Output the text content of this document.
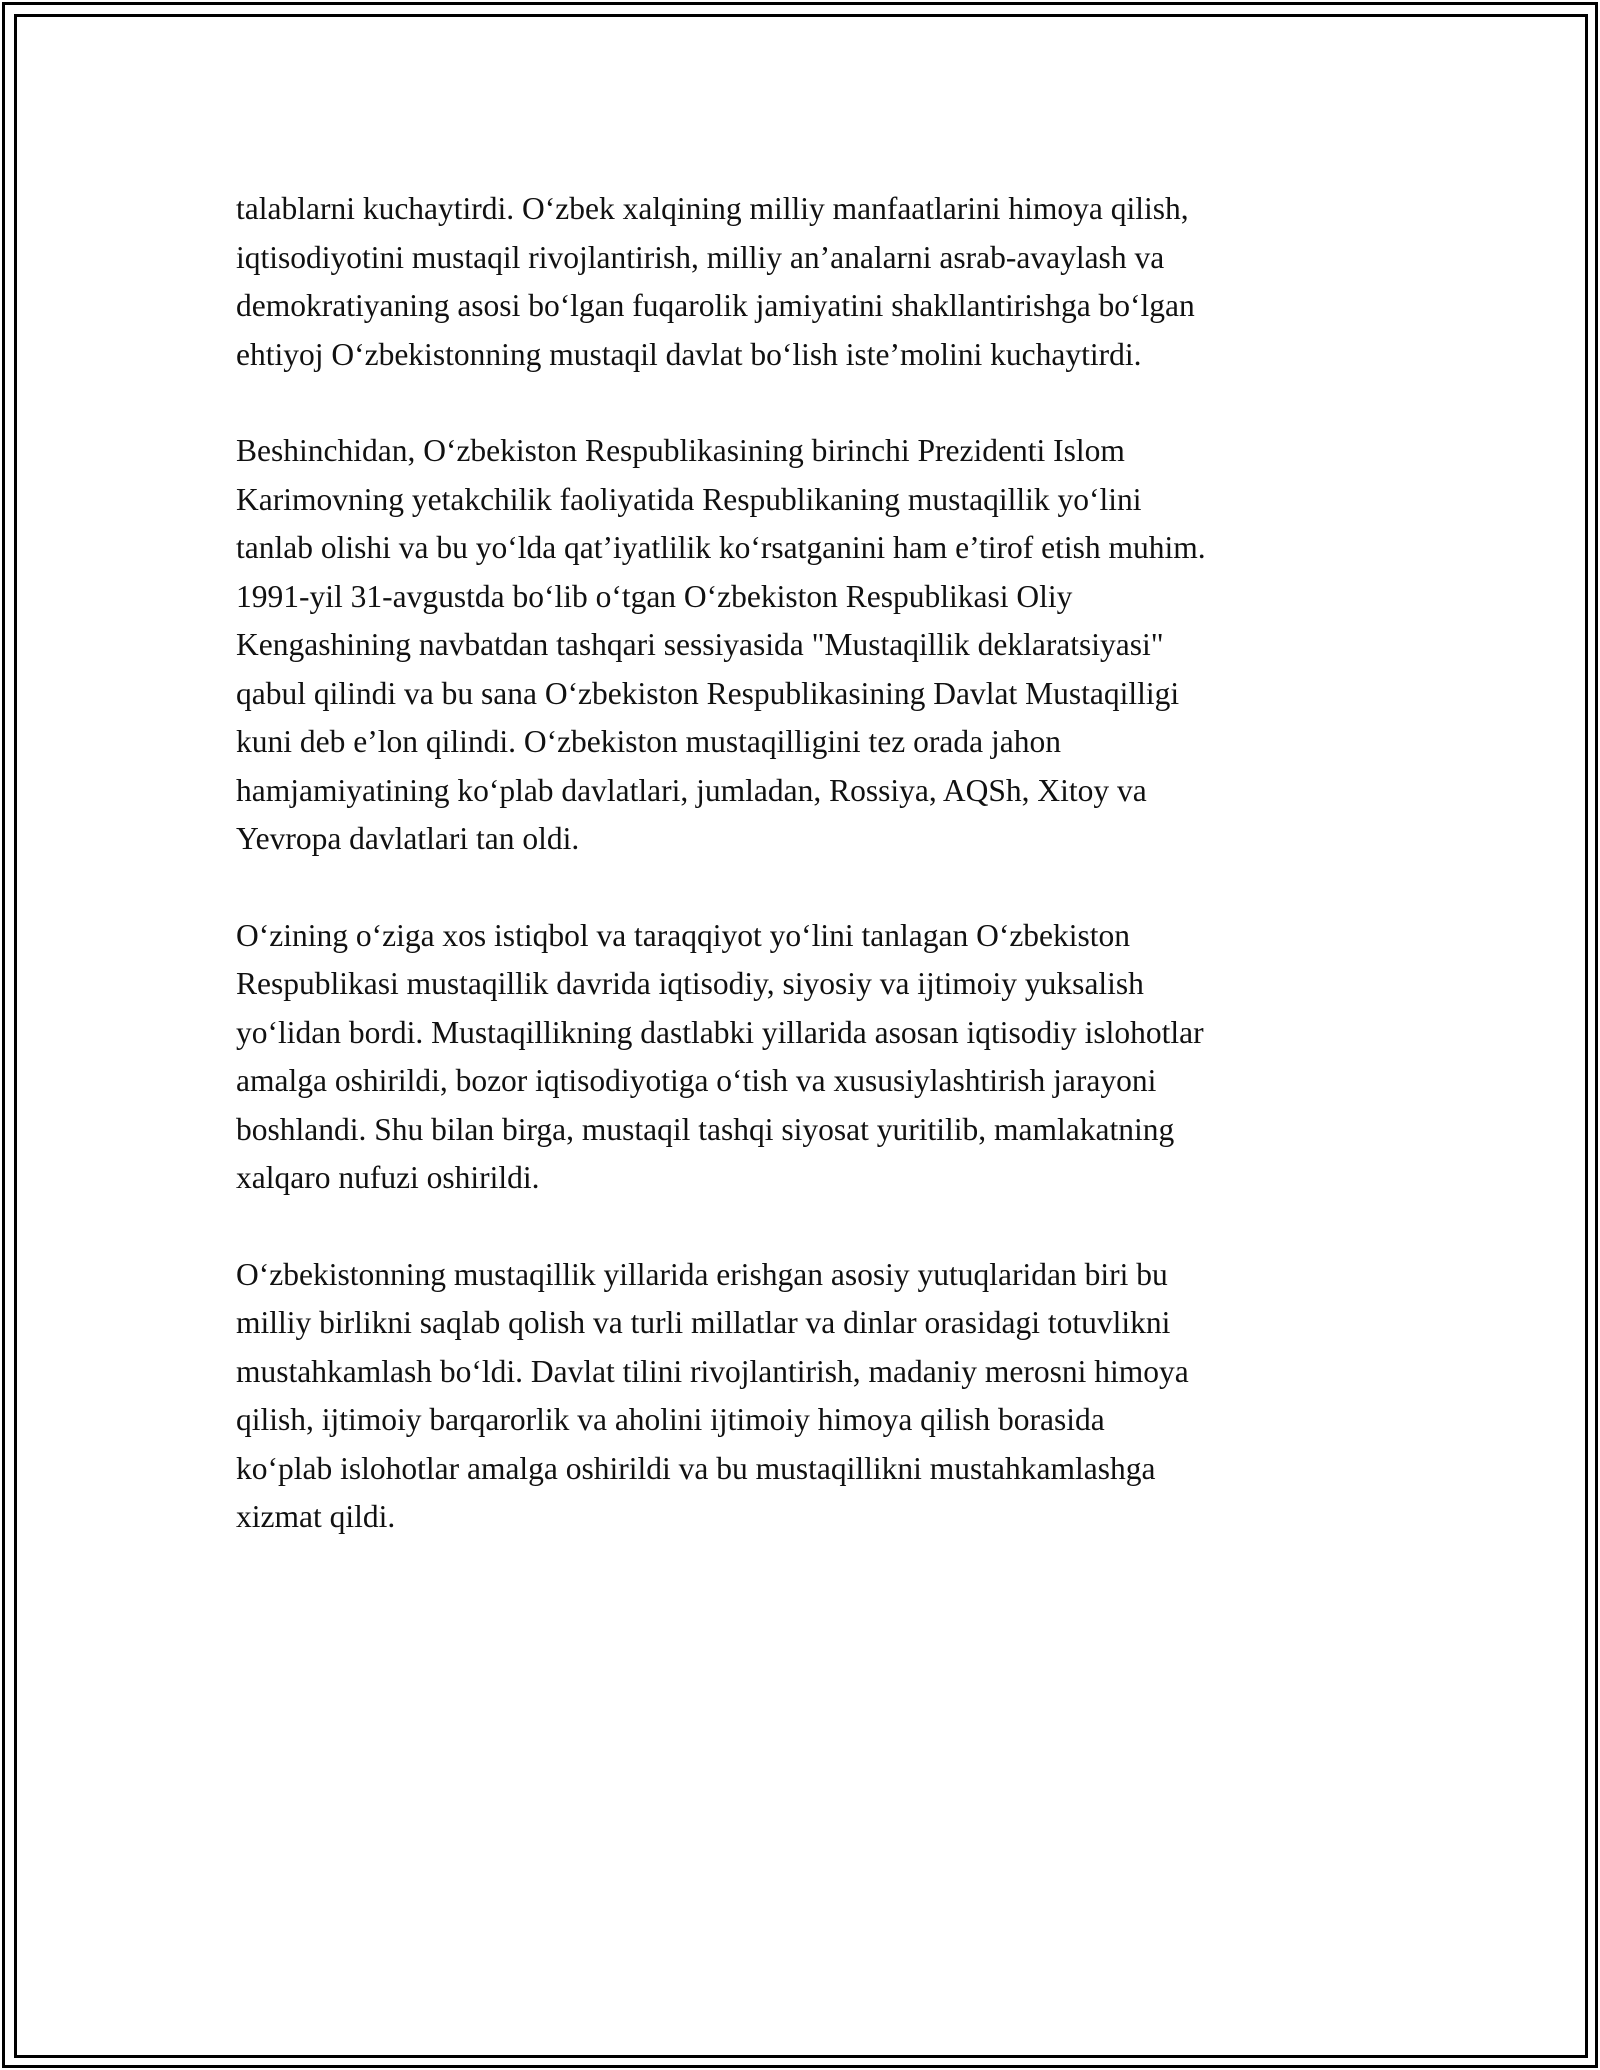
talablarni kuchaytirdi. O‘zbek xalqining milliy manfaatlarini himoya qilish,
iqtisodiyotini mustaqil rivojlantirish, milliy an’analarni asrab-avaylash va
demokratiyaning asosi bo‘lgan fuqarolik jamiyatini shakllantirishga bo‘lgan
ehtiyoj O‘zbekistonning mustaqil davlat bo‘lish iste’molini kuchaytirdi.

Beshinchidan, O‘zbekiston Respublikasining birinchi Prezidenti Islom
Karimovning yetakchilik faoliyatida Respublikaning mustaqillik yo‘lini
tanlab olishi va bu yo‘lda qat’iyatlilik ko‘rsatganini ham e’tirof etish muhim.
1991-yil 31-avgustda bo‘lib o‘tgan O‘zbekiston Respublikasi Oliy
Kengashining navbatdan tashqari sessiyasida "Mustaqillik deklaratsiyasi"
qabul qilindi va bu sana O‘zbekiston Respublikasining Davlat Mustaqilligi
kuni deb e’lon qilindi. O‘zbekiston mustaqilligini tez orada jahon
hamjamiyatining ko‘plab davlatlari, jumladan, Rossiya, AQSh, Xitoy va
Yevropa davlatlari tan oldi.

O‘zining o‘ziga xos istiqbol va taraqqiyot yo‘lini tanlagan O‘zbekiston
Respublikasi mustaqillik davrida iqtisodiy, siyosiy va ijtimoiy yuksalish
yo‘lidan bordi. Mustaqillikning dastlabki yillarida asosan iqtisodiy islohotlar
amalga oshirildi, bozor iqtisodiyotiga o‘tish va xususiylashtirish jarayoni
boshlandi. Shu bilan birga, mustaqil tashqi siyosat yuritilib, mamlakatning
xalqaro nufuzi oshirildi.

O‘zbekistonning mustaqillik yillarida erishgan asosiy yutuqlaridan biri bu
milliy birlikni saqlab qolish va turli millatlar va dinlar orasidagi totuvlikni
mustahkamlash bo‘ldi. Davlat tilini rivojlantirish, madaniy merosni himoya
qilish, ijtimoiy barqarorlik va aholini ijtimoiy himoya qilish borasida
ko‘plab islohotlar amalga oshirildi va bu mustaqillikni mustahkamlashga
xizmat qildi.
